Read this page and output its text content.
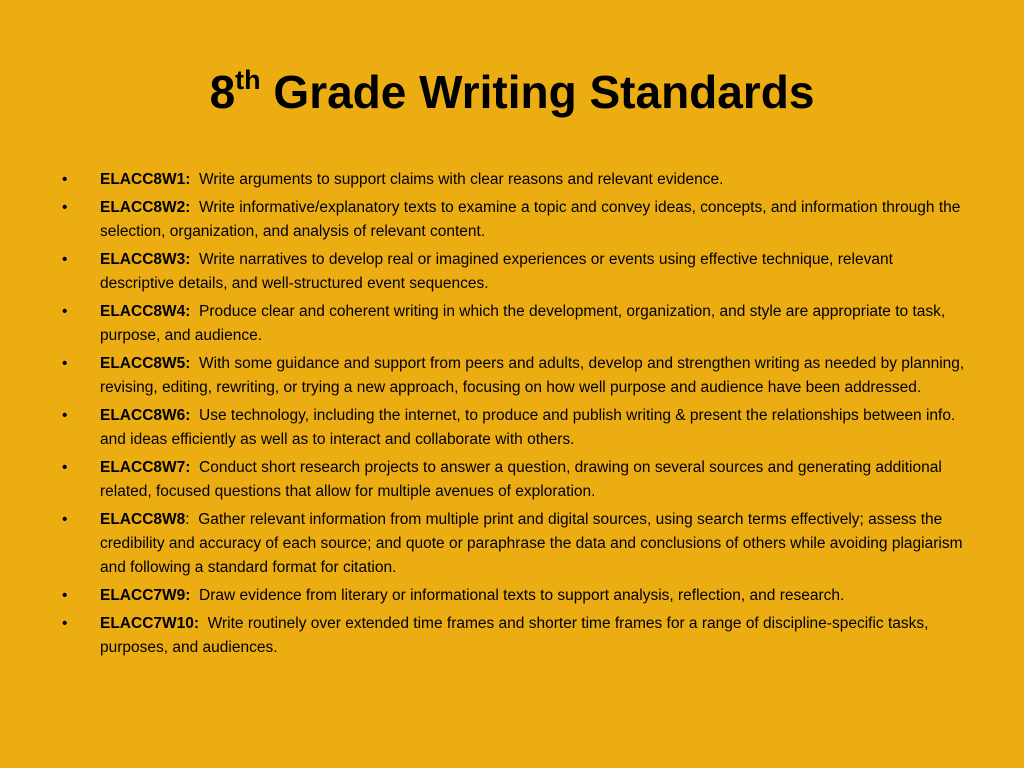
8th Grade Writing Standards
• ELACC8W1: Write arguments to support claims with clear reasons and relevant evidence.
• ELACC8W2: Write informative/explanatory texts to examine a topic and convey ideas, concepts, and information through the selection, organization, and analysis of relevant content.
• ELACC8W3: Write narratives to develop real or imagined experiences or events using effective technique, relevant descriptive details, and well-structured event sequences.
• ELACC8W4: Produce clear and coherent writing in which the development, organization, and style are appropriate to task, purpose, and audience.
• ELACC8W5: With some guidance and support from peers and adults, develop and strengthen writing as needed by planning, revising, editing, rewriting, or trying a new approach, focusing on how well purpose and audience have been addressed.
• ELACC8W6: Use technology, including the internet, to produce and publish writing & present the relationships between info. and ideas efficiently as well as to interact and collaborate with others.
• ELACC8W7: Conduct short research projects to answer a question, drawing on several sources and generating additional related, focused questions that allow for multiple avenues of exploration.
• ELACC8W8:  Gather relevant information from multiple print and digital sources, using search terms effectively; assess the credibility and accuracy of each source; and quote or paraphrase the data and conclusions of others while avoiding plagiarism and following a standard format for citation.
• ELACC7W9: Draw evidence from literary or informational texts to support analysis, reflection, and research.
• ELACC7W10: Write routinely over extended time frames and shorter time frames for a range of discipline-specific tasks, purposes, and audiences.
